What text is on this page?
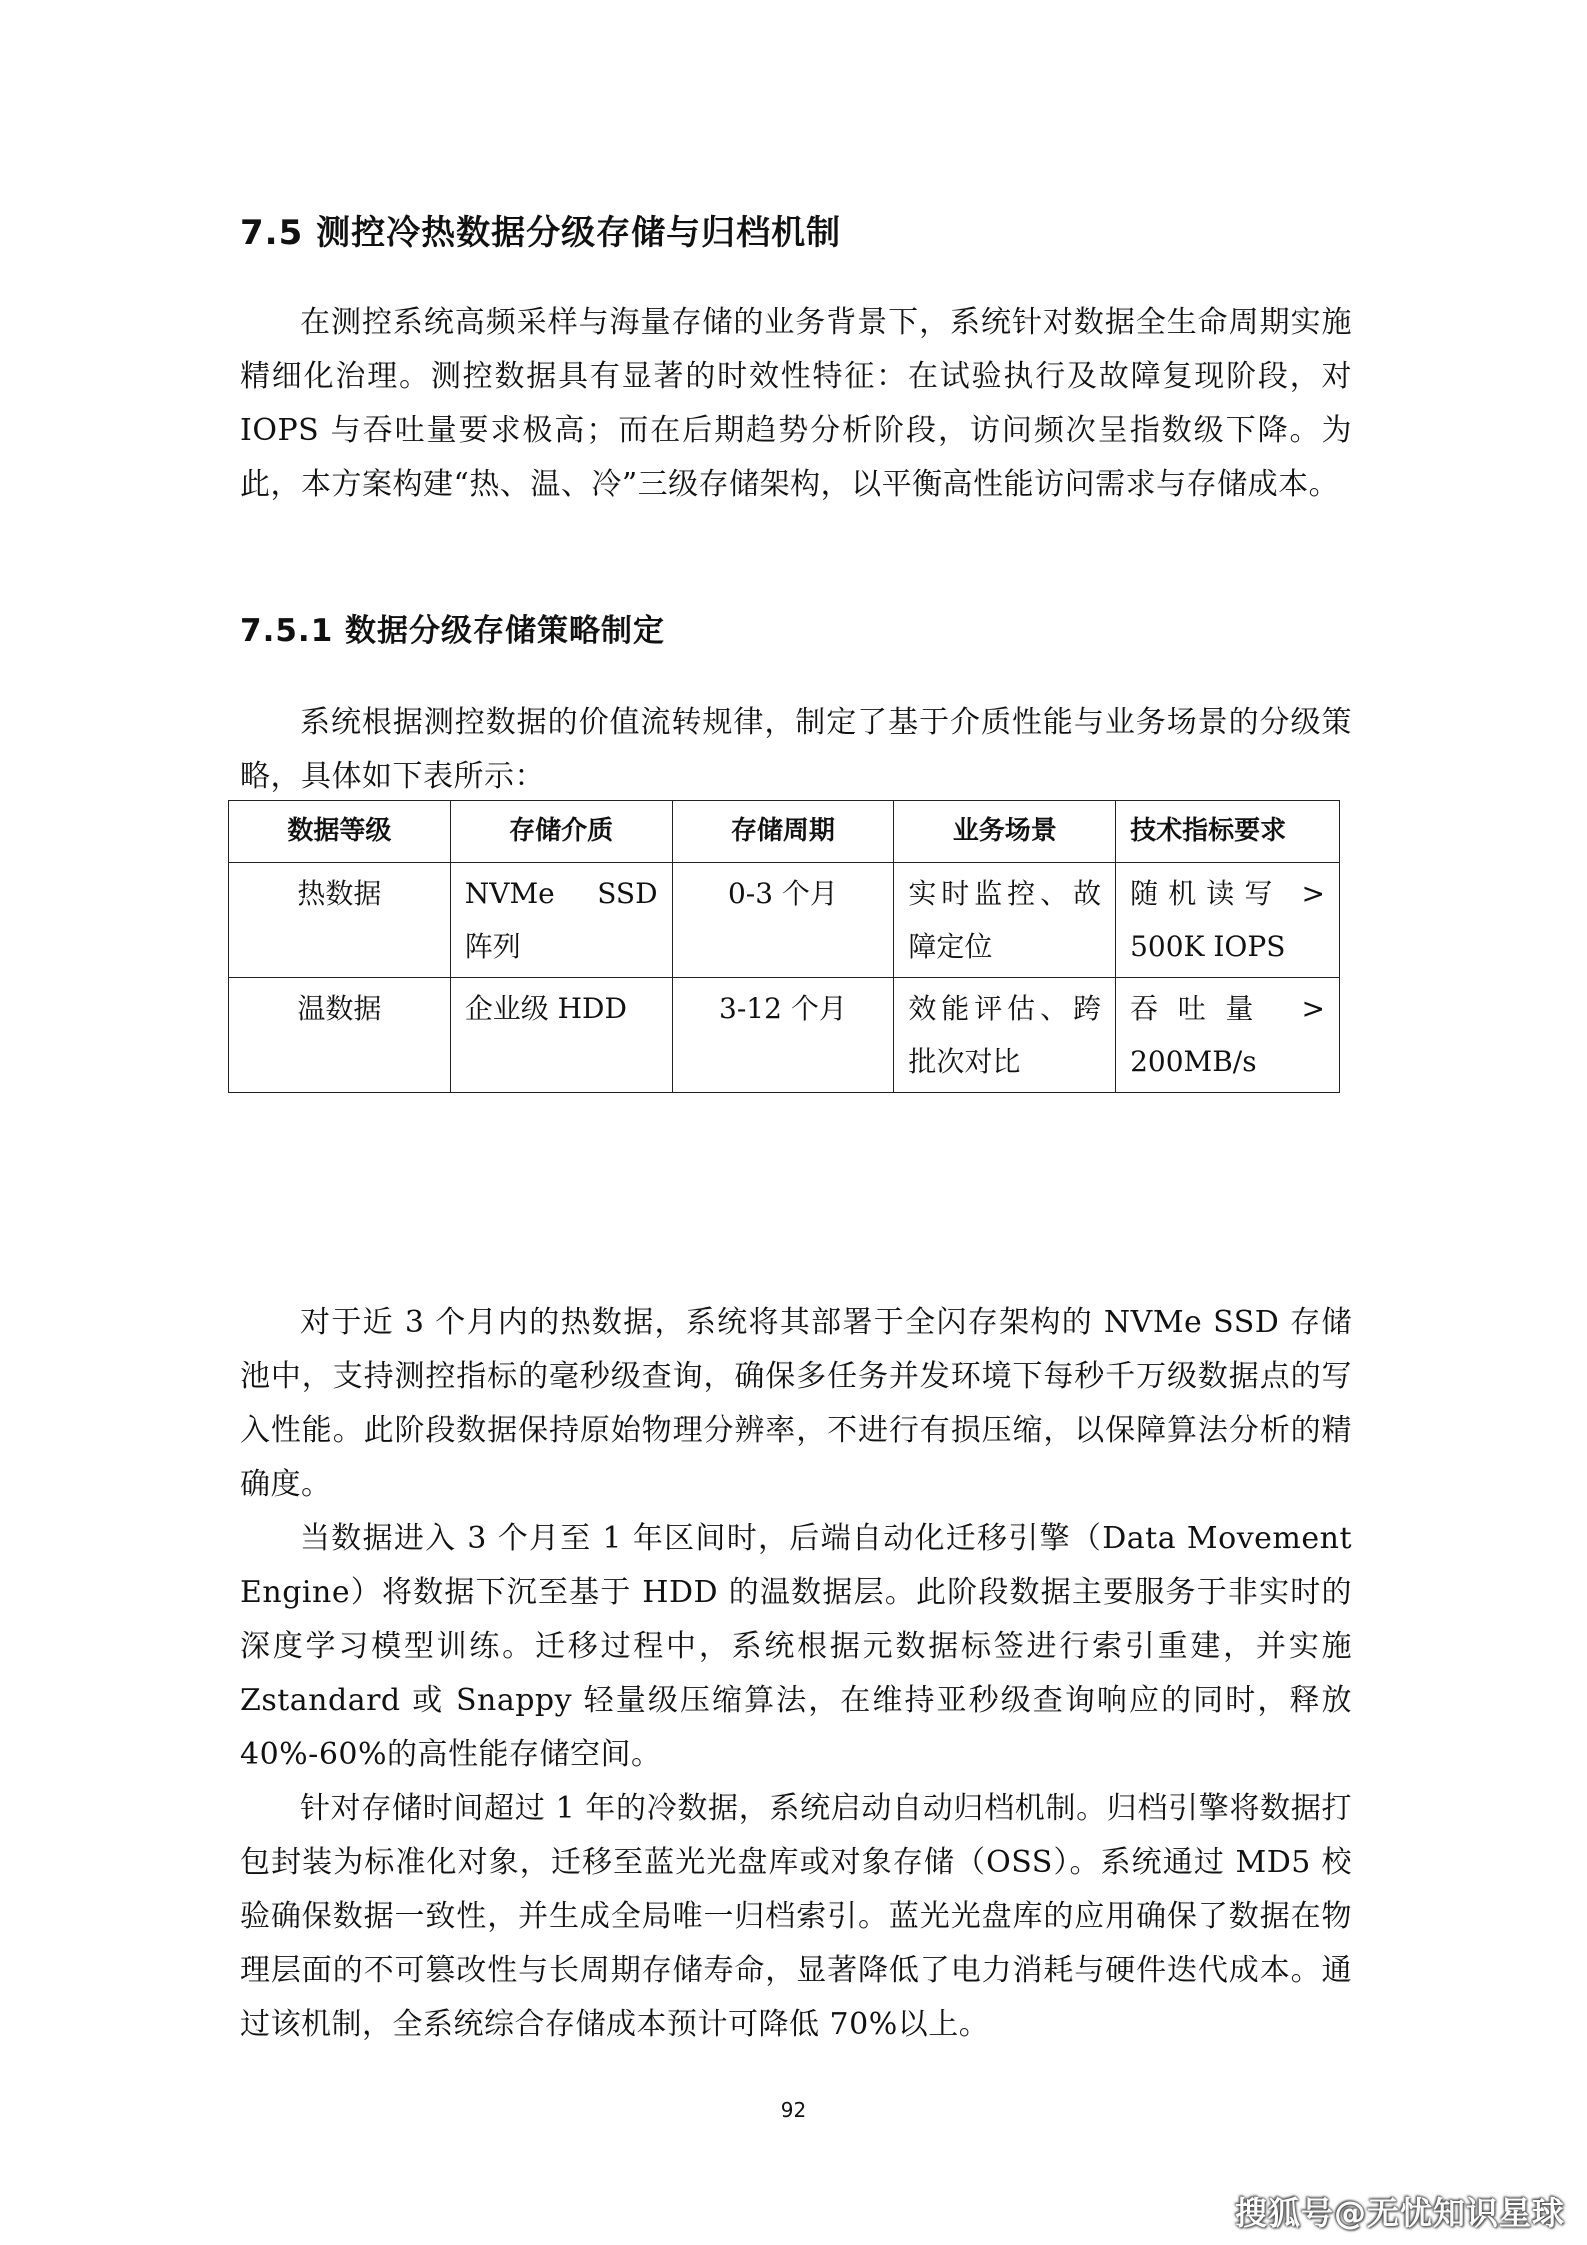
7.5 测控冷热数据分级存储与归档机制

在测控系统高频采样与海量存储的业务背景下，系统针对数据全生命周期实施精细化治理。测控数据具有显著的时效性特征：在试验执行及故障复现阶段，对 IOPS 与吞吐量要求极高；而在后期趋势分析阶段，访问频次呈指数级下降。为此，本方案构建“热、温、冷”三级存储架构，以平衡高性能访问需求与存储成本。

7.5.1 数据分级存储策略制定

系统根据测控数据的价值流转规律，制定了基于介质性能与业务场景的分级策略，具体如下表所示：

数据等级	存储介质	存储周期	业务场景	技术指标要求
热数据	NVMe SSD 阵列	0-3 个月	实时监控、故障定位	随机读写 > 500K IOPS
温数据	企业级 HDD	3-12 个月	效能评估、跨批次对比	吞吐量 > 200MB/s

对于近 3 个月内的热数据，系统将其部署于全闪存架构的 NVMe SSD 存储池中，支持测控指标的毫秒级查询，确保多任务并发环境下每秒千万级数据点的写入性能。此阶段数据保持原始物理分辨率，不进行有损压缩，以保障算法分析的精确度。

当数据进入 3 个月至 1 年区间时，后端自动化迁移引擎（Data Movement Engine）将数据下沉至基于 HDD 的温数据层。此阶段数据主要服务于非实时的深度学习模型训练。迁移过程中，系统根据元数据标签进行索引重建，并实施 Zstandard 或 Snappy 轻量级压缩算法，在维持亚秒级查询响应的同时，释放 40%-60%的高性能存储空间。

针对存储时间超过 1 年的冷数据，系统启动自动归档机制。归档引擎将数据打包封装为标准化对象，迁移至蓝光光盘库或对象存储（OSS）。系统通过 MD5 校验确保数据一致性，并生成全局唯一归档索引。蓝光光盘库的应用确保了数据在物理层面的不可篡改性与长周期存储寿命，显著降低了电力消耗与硬件迭代成本。通过该机制，全系统综合存储成本预计可降低 70%以上。

92
搜狐号@无忧知识星球
